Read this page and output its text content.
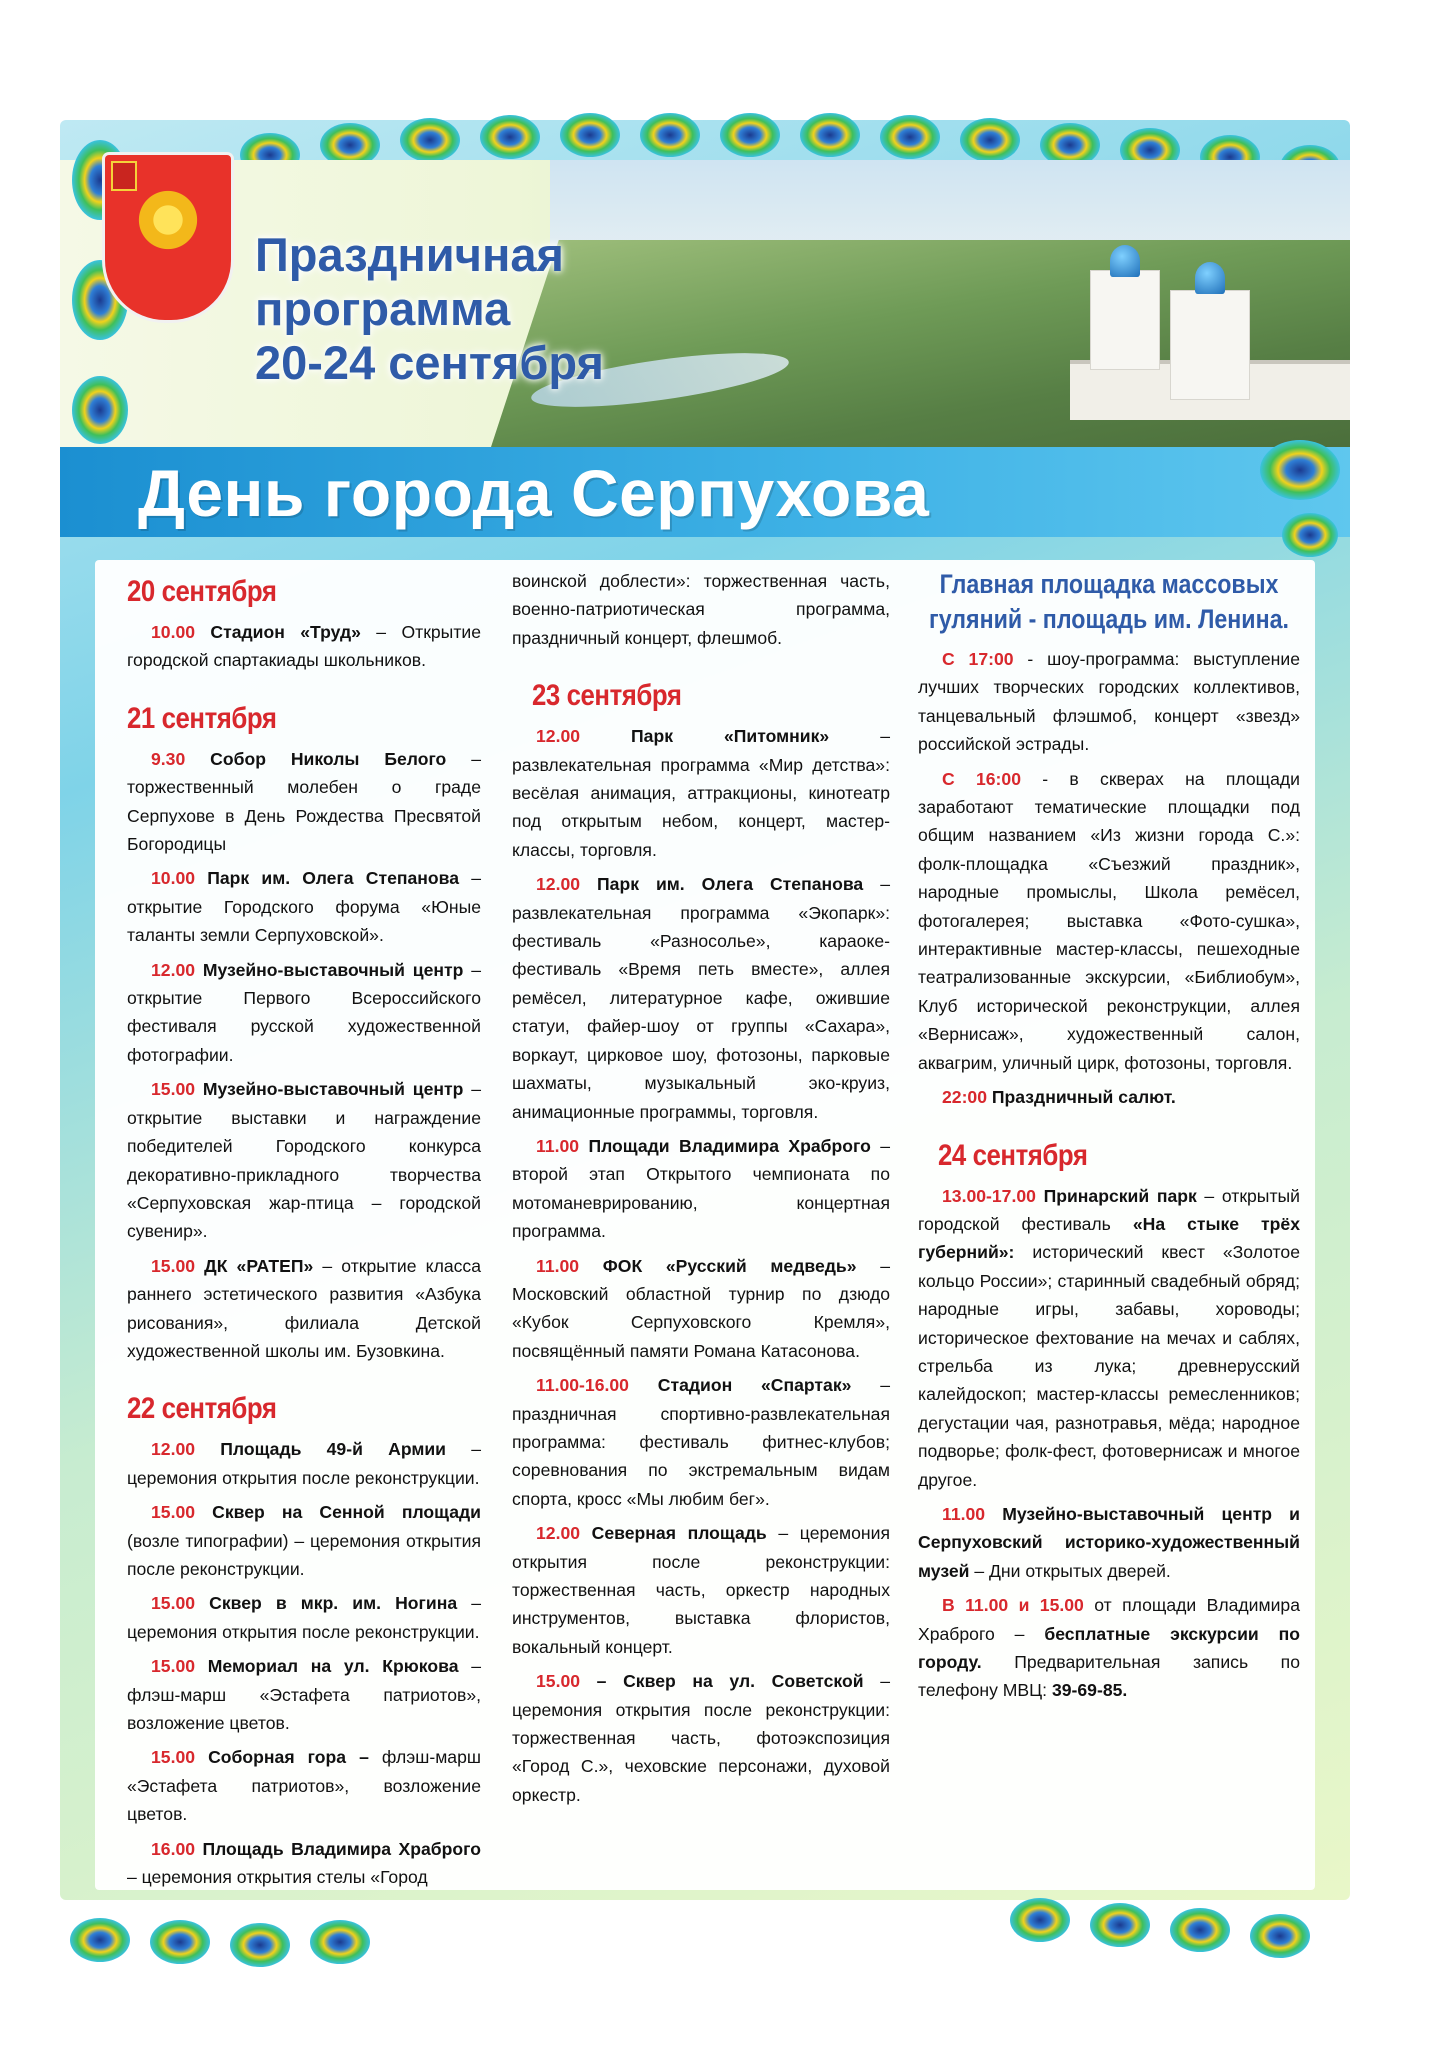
Праздничная
программа
20-24 сентября
День города Серпухова
20 сентября

10.00 Стадион «Труд» – Открытие городской спартакиады школьников.

21 сентября

9.30 Собор Николы Белого – торжественный молебен о граде Серпухове в День Рождества Пресвятой Богородицы

10.00 Парк им. Олега Степанова – открытие Городского форума «Юные таланты земли Серпуховской».

12.00 Музейно-выставочный центр – открытие Первого Всероссийского фестиваля русской художественной фотографии.

15.00 Музейно-выставочный центр – открытие выставки и награждение победителей Городского конкурса декоративно-прикладного творчества «Серпуховская жар-птица – городской сувенир».

15.00 ДК «РАТЕП» – открытие класса раннего эстетического развития «Азбука рисования», филиала Детской художественной школы им. Бузовкина.

22 сентября

12.00 Площадь 49-й Армии – церемония открытия после реконструкции.

15.00 Сквер на Сенной площади (возле типографии) – церемония открытия после реконструкции.

15.00 Сквер в мкр. им. Ногина – церемония открытия после реконструкции.

15.00 Мемориал на ул. Крюкова – флэш-марш «Эстафета патриотов», возложение цветов.

15.00 Соборная гора – флэш-марш «Эстафета патриотов», возложение цветов.

16.00 Площадь Владимира Храброго – церемония открытия стелы «Город

воинской доблести»: торжественная часть, военно-патриотическая программа, праздничный концерт, флешмоб.

23 сентября

12.00	Парк «Питомник» – развлекательная программа «Мир детства»: весёлая анимация, аттракционы, кинотеатр под открытым небом, концерт, мастер-классы, торговля.

12.00 Парк им. Олега Степанова – развлекательная программа «Экопарк»: фестиваль «Разносолье», караоке-фестиваль «Время петь вместе», аллея ремёсел, литературное кафе, ожившие статуи, файер-шоу от группы «Сахара», воркаут, цирковое шоу, фотозоны, парковые шахматы, музыкальный эко-круиз, анимационные программы, торговля.

11.00 Площади Владимира Храброго – второй этап Открытого чемпионата по мотоманеврированию, концертная программа.

11.00 ФОК «Русский медведь» – Московский областной турнир по дзюдо «Кубок Серпуховского Кремля», посвящённый памяти Романа Катасонова.

11.00-16.00 Стадион «Спартак» – праздничная спортивно-развлекательная программа: фестиваль фитнес-клубов; соревнования по экстремальным видам спорта, кросс «Мы любим бег».

12.00 Северная площадь – церемония открытия после реконструкции: торжественная часть, оркестр народных инструментов, выставка флористов, вокальный концерт.

15.00 – Сквер на ул. Советской – церемония открытия после реконструкции: торжественная часть, фотоэкспозиция «Город С.», чеховские персонажи, духовой оркестр.

Главная площадка массовых гуляний - площадь им. Ленина.

С 17:00 - шоу-программа: выступление лучших творческих городских коллективов, танцевальный флэшмоб, концерт «звезд» российской эстрады.

С 16:00 - в скверах на площади заработают тематические площадки под общим названием «Из жизни города С.»: фолк-площадка «Съезжий праздник», народные промыслы, Школа ремёсел, фотогалерея; выставка «Фото-сушка», интерактивные мастер-классы, пешеходные театрализованные экскурсии, «Библиобум», Клуб исторической реконструкции, аллея «Вернисаж», художественный салон, аквагрим, уличный цирк, фотозоны, торговля.

22:00 Праздничный салют.

24 сентября

13.00-17.00 Принарский парк – открытый городской фестиваль «На стыке трёх губерний»: исторический квест «Золотое кольцо России»; старинный свадебный обряд; народные игры, забавы, хороводы; историческое фехтование на мечах и саблях, стрельба из лука; древнерусский калейдоскоп; мастер-классы ремесленников; дегустации чая, разнотравья, мёда; народное подворье; фолк-фест, фотовернисаж и многое другое.

11.00 Музейно-выставочный центр и Серпуховский историко-художественный музей – Дни открытых дверей.

В 11.00 и 15.00 от площади Владимира Храброго – бесплатные экскурсии по городу. Предварительная запись по телефону МВЦ: 39-69-85.
